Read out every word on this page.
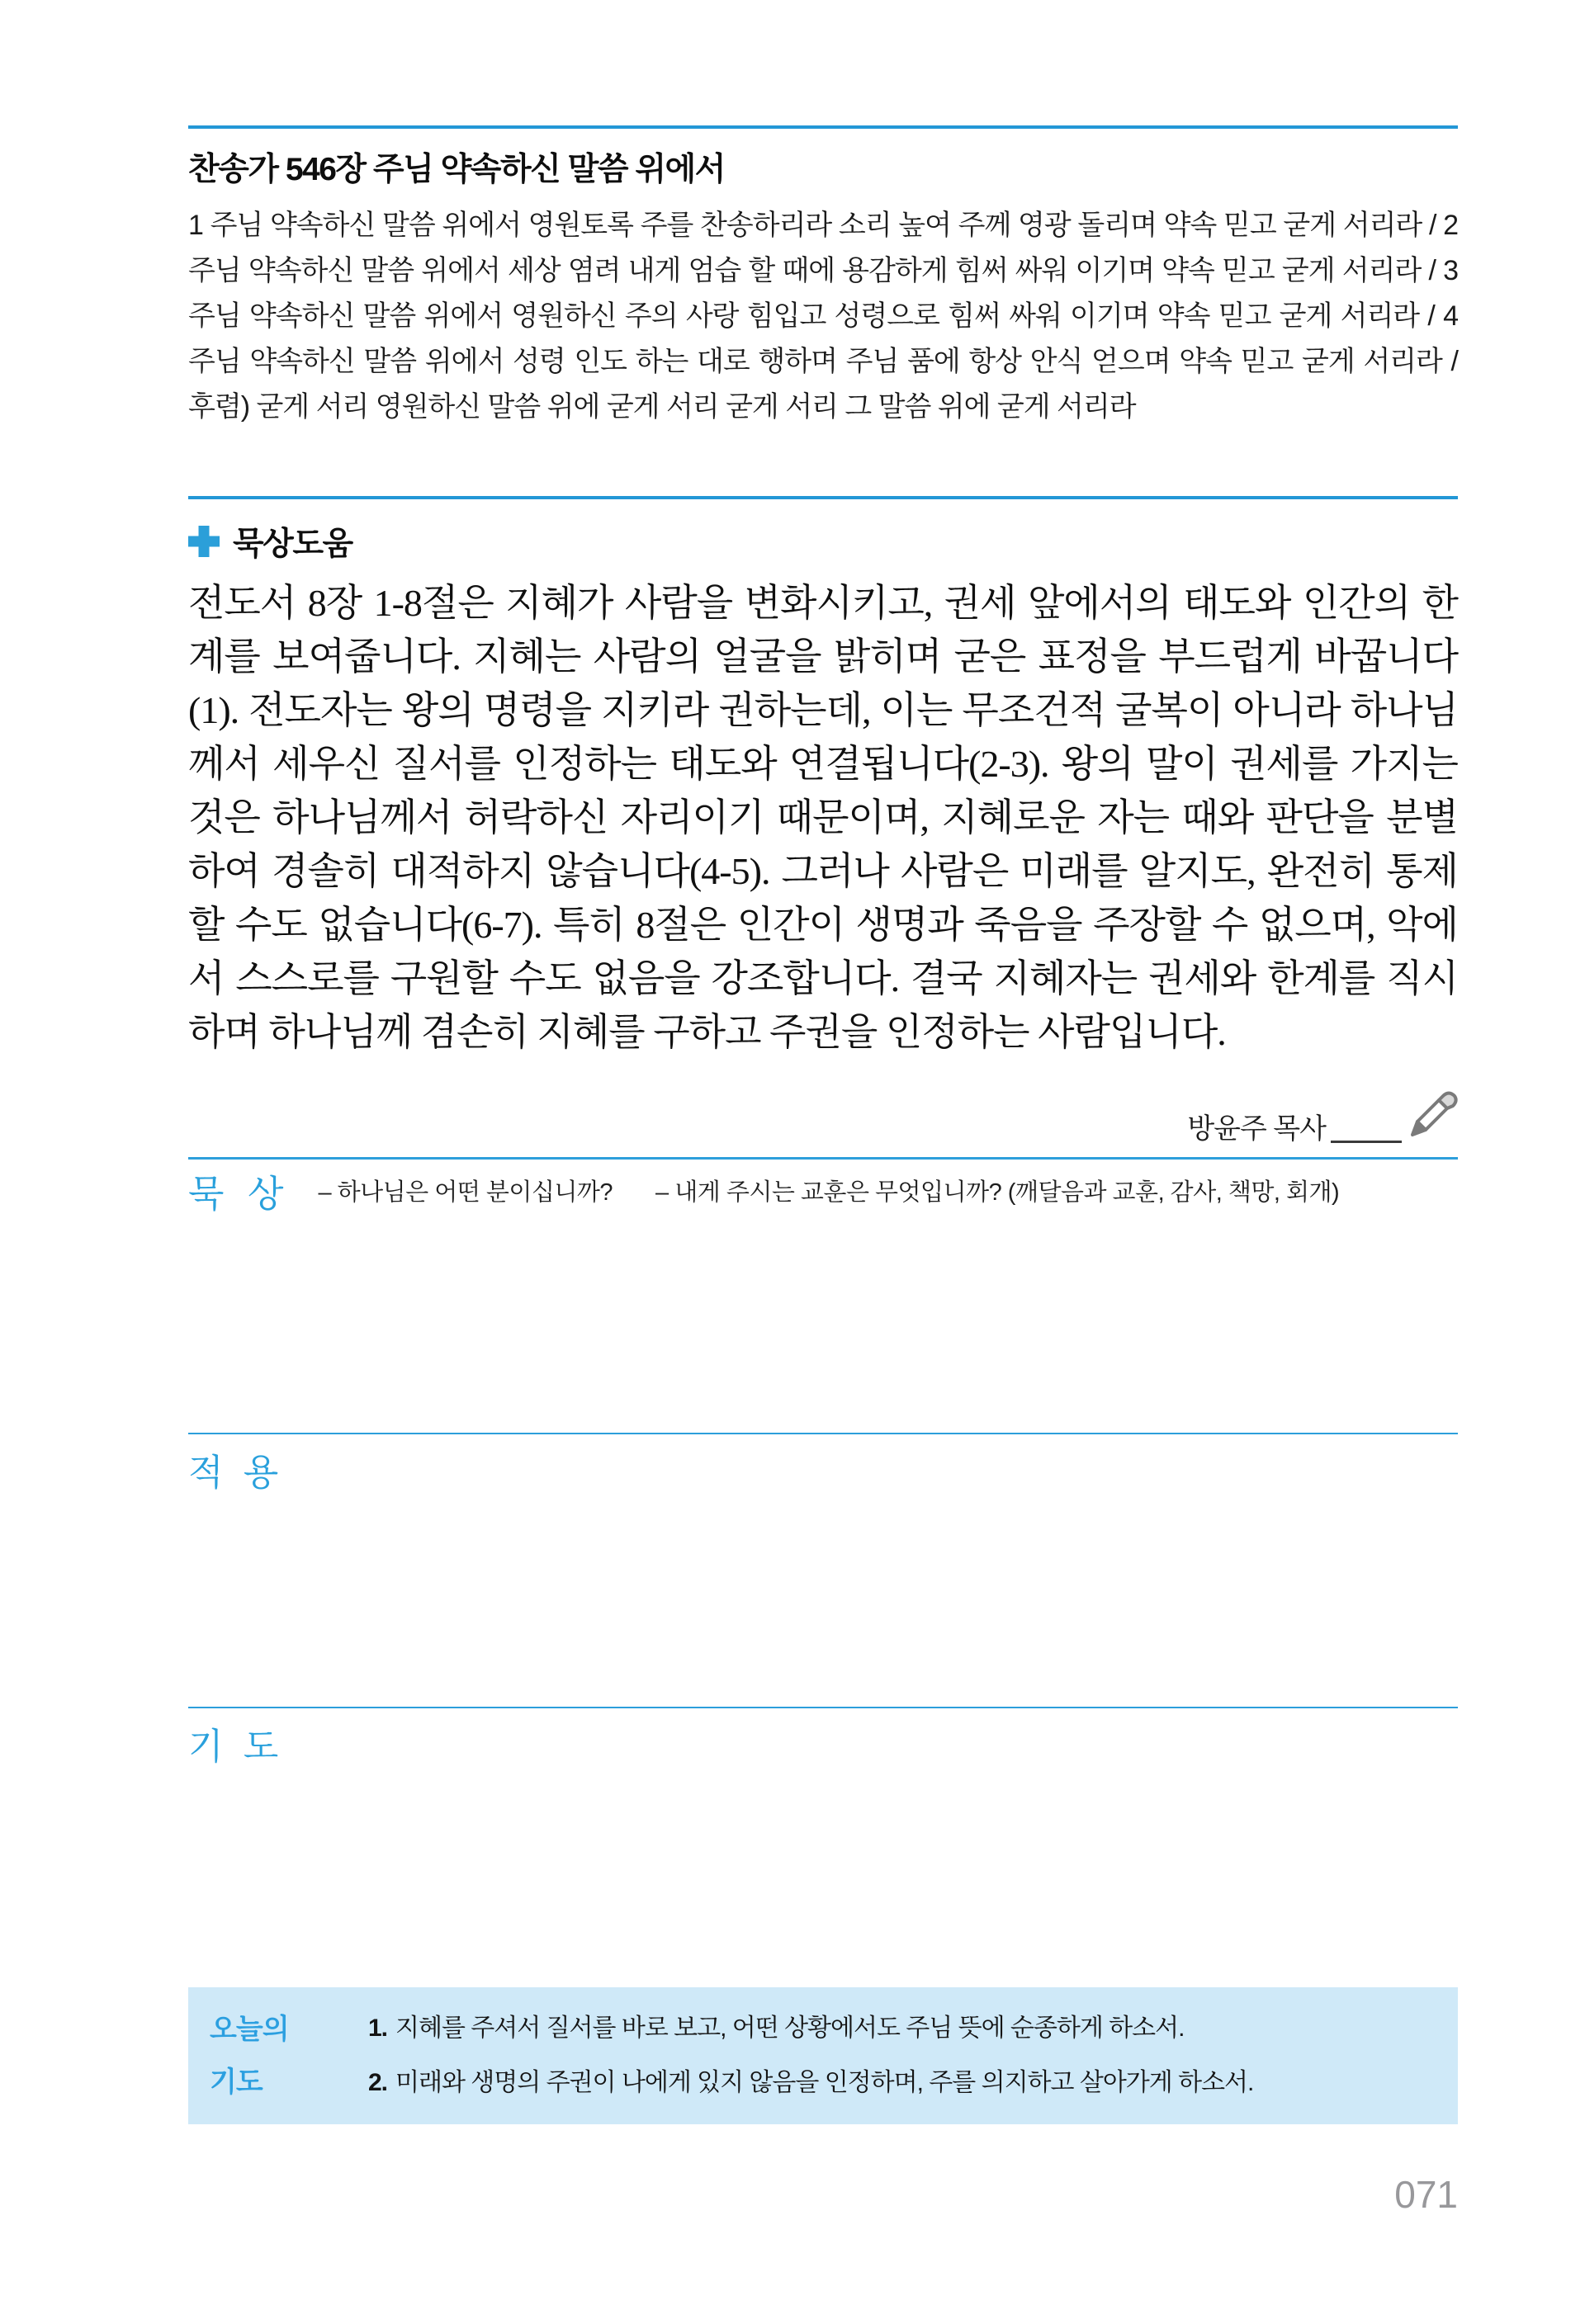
찬송가 546장 주님 약속하신 말씀 위에서
1 주님 약속하신 말씀 위에서 영원토록 주를 찬송하리라 소리 높여 주께 영광 돌리며 약속 믿고 굳게 서리라 / 2 주님 약속하신 말씀 위에서 세상 염려 내게 엄습 할 때에 용감하게 힘써 싸워 이기며 약속 믿고 굳게 서리라 / 3 주님 약속하신 말씀 위에서 영원하신 주의 사랑 힘입고 성령으로 힘써 싸워 이기며 약속 믿고 굳게 서리라 / 4 주님 약속하신 말씀 위에서 성령 인도 하는 대로 행하며 주님 품에 항상 안식 얻으며 약속 믿고 굳게 서리라 / 후렴) 굳게 서리 영원하신 말씀 위에 굳게 서리 굳게 서리 그 말씀 위에 굳게 서리라
묵상도움
전도서 8장 1-8절은 지혜가 사람을 변화시키고, 권세 앞에서의 태도와 인간의 한계를 보여줍니다. 지혜는 사람의 얼굴을 밝히며 굳은 표정을 부드럽게 바꿉니다(1). 전도자는 왕의 명령을 지키라 권하는데, 이는 무조건적 굴복이 아니라 하나님께서 세우신 질서를 인정하는 태도와 연결됩니다(2-3). 왕의 말이 권세를 가지는 것은 하나님께서 허락하신 자리이기 때문이며, 지혜로운 자는 때와 판단을 분별하여 경솔히 대적하지 않습니다(4-5). 그러나 사람은 미래를 알지도, 완전히 통제할 수도 없습니다(6-7). 특히 8절은 인간이 생명과 죽음을 주장할 수 없으며, 악에서 스스로를 구원할 수도 없음을 강조합니다. 결국 지혜자는 권세와 한계를 직시하며 하나님께 겸손히 지혜를 구하고 주권을 인정하는 사람입니다.
방윤주 목사
묵 상 – 하나님은 어떤 분이십니까? – 내게 주시는 교훈은 무엇입니까? (깨달음과 교훈, 감사, 책망, 회개)
적 용
기 도
오늘의
기도
1. 지혜를 주셔서 질서를 바로 보고, 어떤 상황에서도 주님 뜻에 순종하게 하소서.
2. 미래와 생명의 주권이 나에게 있지 않음을 인정하며, 주를 의지하고 살아가게 하소서.
071
